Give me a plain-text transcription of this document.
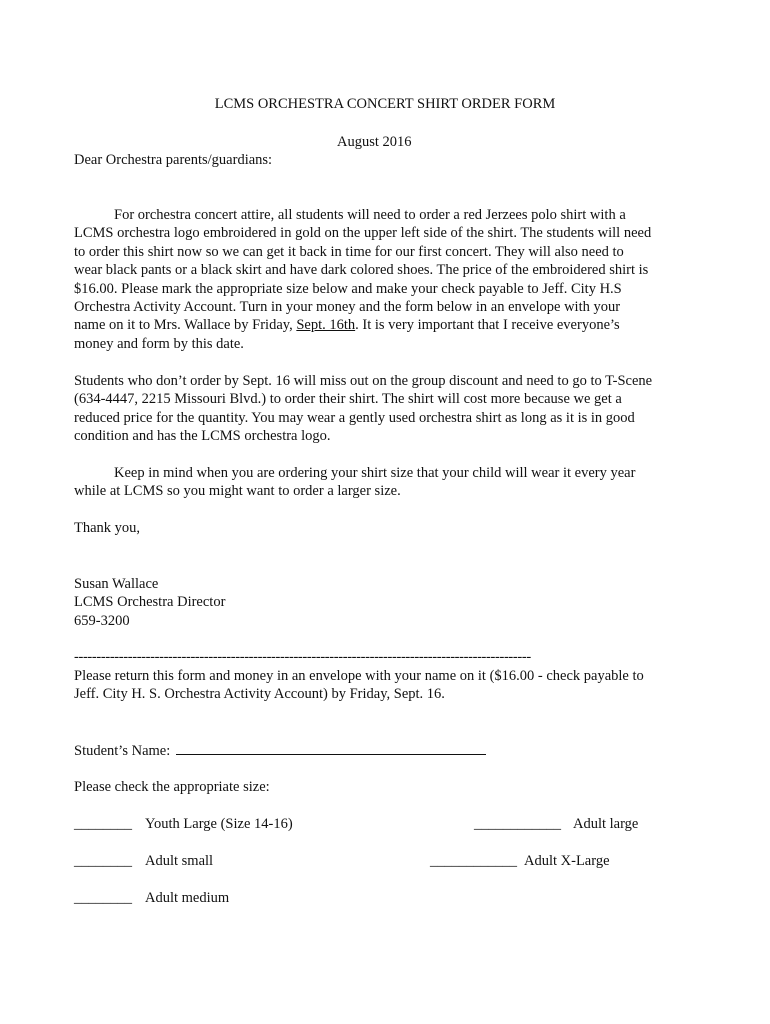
LCMS ORCHESTRA CONCERT SHIRT ORDER FORM

August 2016

Dear Orchestra parents/guardians:

For orchestra concert attire, all students will need to order a red Jerzees polo shirt with a
LCMS orchestra logo embroidered in gold on the upper left side of the shirt. The students will need
to order this shirt now so we can get it back in time for our first concert. They will also need to
wear black pants or a black skirt and have dark colored shoes. The price of the embroidered shirt is
$16.00. Please mark the appropriate size below and make your check payable to Jeff. City H.S
Orchestra Activity Account. Turn in your money and the form below in an envelope with your
name on it to Mrs. Wallace by Friday, Sept. 16th. It is very important that I receive everyone’s
money and form by this date.
Students who don’t order by Sept. 16 will miss out on the group discount and need to go to T-Scene
(634-4447, 2215 Missouri Blvd.) to order their shirt. The shirt will cost more because we get a
reduced price for the quantity. You may wear a gently used orchestra shirt as long as it is in good
condition and has the LCMS orchestra logo.
Keep in mind when you are ordering your shirt size that your child will wear it every year
while at LCMS so you might want to order a larger size.

Thank you,

Susan Wallace
LCMS Orchestra Director
659-3200

------------------------------------------------------------------------------------------------------

Please return this form and money in an envelope with your name on it ($16.00 - check payable to
Jeff. City H. S. Orchestra Activity Account) by Friday, Sept. 16.

Student’s Name:

Please check the appropriate size:

________ Youth Large (Size 14-16)	____________ Adult large

________ Adult small	____________ Adult X-Large

________ Adult medium
